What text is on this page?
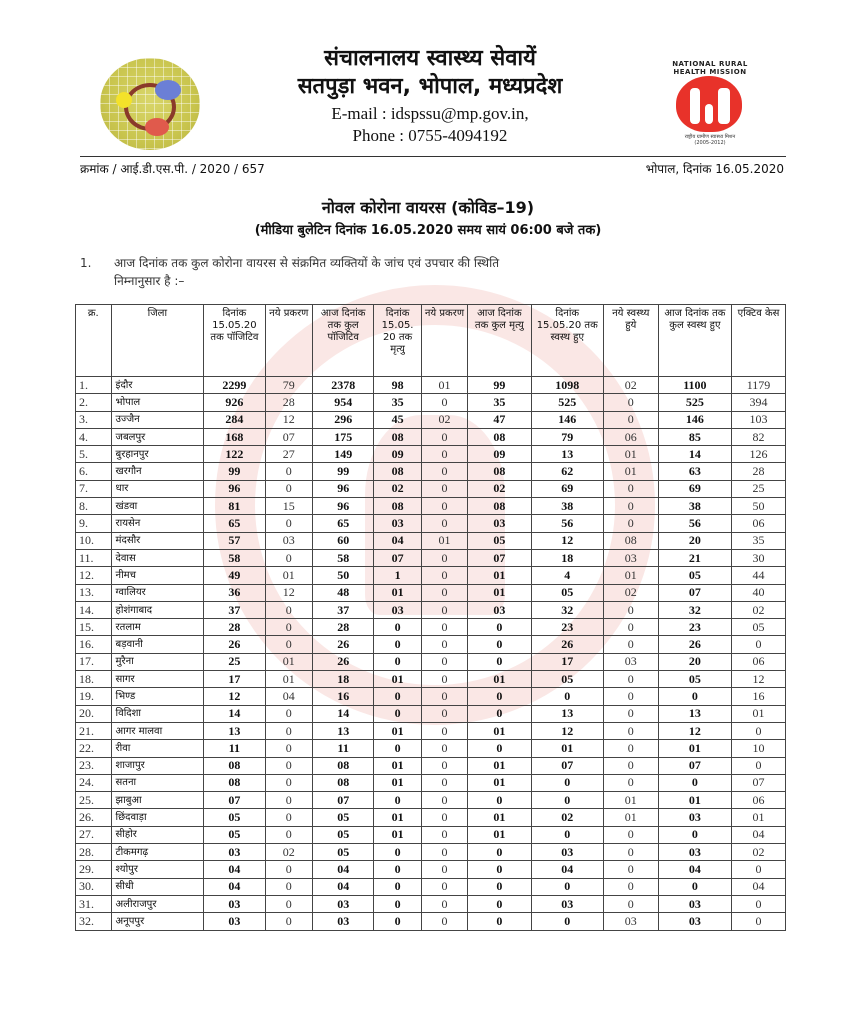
NATIONAL RURAL HEALTH MISSION
राष्ट्रीय ग्रामीण स्वास्थ्य मिशन
(2005-2012)
संचालनालय स्वास्थ्य सेवायें
सतपुड़ा भवन, भोपाल, मध्यप्रदेश
E-mail : idspssu@mp.gov.in,
Phone : 0755-4094192
क्रमांक / आई.डी.एस.पी. / 2020 / 657	भोपाल, दिनांक 16.05.2020
नोवल कोरोना वायरस (कोविड–19)
(मीडिया बुलेटिन दिनांक 16.05.2020 समय सायं 06:00 बजे तक)
1. आज दिनांक तक कुल कोरोना वायरस से संक्रमित व्यक्तियों के जांच एवं उपचार की स्थिति
निम्नानुसार है :–
क्र.	जिला	दिनांक 15.05.20 तक पॉजिटिव	नये प्रकरण	आज दिनांक तक कुल पॉजिटिव	दिनांक 15.05. 20 तक मृत्यु	नये प्रकरण	आज दिनांक तक कुल मृत्यु	दिनांक 15.05.20 तक स्वस्थ हुए	नये स्वस्थ्य हुये	आज दिनांक तक कुल स्वस्थ हुए	एक्टिव केस
1.	इंदौर	2299	79	2378	98	01	99	1098	02	1100	1179
2.	भोपाल	926	28	954	35	0	35	525	0	525	394
3.	उज्जैन	284	12	296	45	02	47	146	0	146	103
4.	जबलपुर	168	07	175	08	0	08	79	06	85	82
5.	बुरहानपुर	122	27	149	09	0	09	13	01	14	126
6.	खरगौन	99	0	99	08	0	08	62	01	63	28
7.	धार	96	0	96	02	0	02	69	0	69	25
8.	खंडवा	81	15	96	08	0	08	38	0	38	50
9.	रायसेन	65	0	65	03	0	03	56	0	56	06
10.	मंदसौर	57	03	60	04	01	05	12	08	20	35
11.	देवास	58	0	58	07	0	07	18	03	21	30
12.	नीमच	49	01	50	1	0	01	4	01	05	44
13.	ग्वालियर	36	12	48	01	0	01	05	02	07	40
14.	होशंगाबाद	37	0	37	03	0	03	32	0	32	02
15.	रतलाम	28	0	28	0	0	0	23	0	23	05
16.	बड़वानी	26	0	26	0	0	0	26	0	26	0
17.	मुरैना	25	01	26	0	0	0	17	03	20	06
18.	सागर	17	01	18	01	0	01	05	0	05	12
19.	भिण्ड	12	04	16	0	0	0	0	0	0	16
20.	विदिशा	14	0	14	0	0	0	13	0	13	01
21.	आगर मालवा	13	0	13	01	0	01	12	0	12	0
22.	रीवा	11	0	11	0	0	0	01	0	01	10
23.	शाजापुर	08	0	08	01	0	01	07	0	07	0
24.	सतना	08	0	08	01	0	01	0	0	0	07
25.	झाबुआ	07	0	07	0	0	0	0	01	01	06
26.	छिंदवाड़ा	05	0	05	01	0	01	02	01	03	01
27.	सीहोर	05	0	05	01	0	01	0	0	0	04
28.	टीकमगढ़	03	02	05	0	0	0	03	0	03	02
29.	श्योपुर	04	0	04	0	0	0	04	0	04	0
30.	सीधी	04	0	04	0	0	0	0	0	0	04
31.	अलीराजपुर	03	0	03	0	0	0	03	0	03	0
32.	अनूपपुर	03	0	03	0	0	0	0	03	03	0
